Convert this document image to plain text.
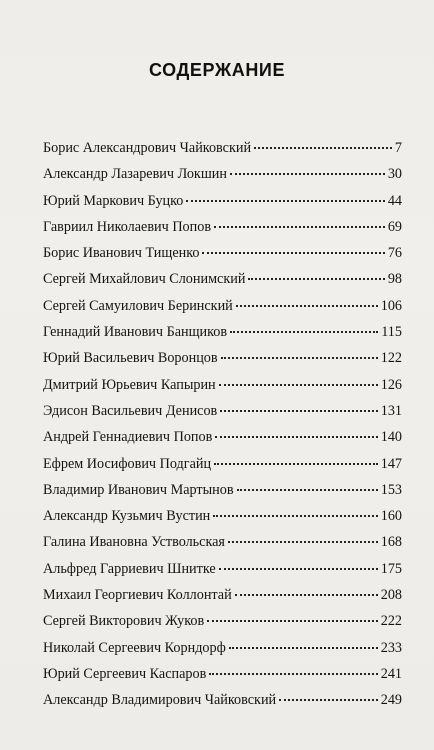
СОДЕРЖАНИЕ
Борис Александрович Чайковский	7
Александр Лазаревич Локшин	30
Юрий Маркович Буцко	44
Гавриил Николаевич Попов	69
Борис Иванович Тищенко	76
Сергей Михайлович Слонимский	98
Сергей Самуилович Беринский	106
Геннадий Иванович Банщиков	115
Юрий Васильевич Воронцов	122
Дмитрий Юрьевич Капырин	126
Эдисон Васильевич Денисов	131
Андрей Геннадиевич Попов	140
Ефрем Иосифович Подгайц	147
Владимир Иванович Мартынов	153
Александр Кузьмич Вустин	160
Галина Ивановна Уствольская	168
Альфред Гарриевич Шнитке	175
Михаил Георгиевич Коллонтай	208
Сергей Викторович Жуков	222
Николай Сергеевич Корндорф	233
Юрий Сергеевич Каспаров	241
Александр Владимирович Чайковский	249
